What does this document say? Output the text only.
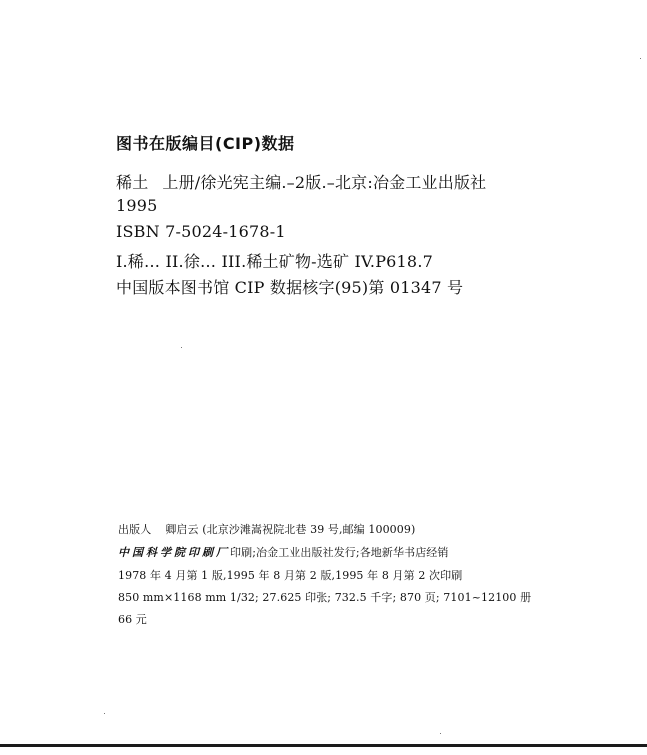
图书在版编目(CIP)数据
稀土 上册/徐光宪主编.–2版.–北京:冶金工业出版社
1995
ISBN 7-5024-1678-1
I.稀… II.徐… III.稀土矿物-选矿 IV.P618.7
中国版本图书馆 CIP 数据核字(95)第 01347 号
出版人 卿启云 (北京沙滩嵩祝院北巷 39 号,邮编 100009)
中国科学院印刷厂印刷;冶金工业出版社发行;各地新华书店经销
1978 年 4 月第 1 版,1995 年 8 月第 2 版,1995 年 8 月第 2 次印刷
850 mm×1168 mm 1/32; 27.625 印张; 732.5 千字; 870 页; 7101~12100 册
66 元
